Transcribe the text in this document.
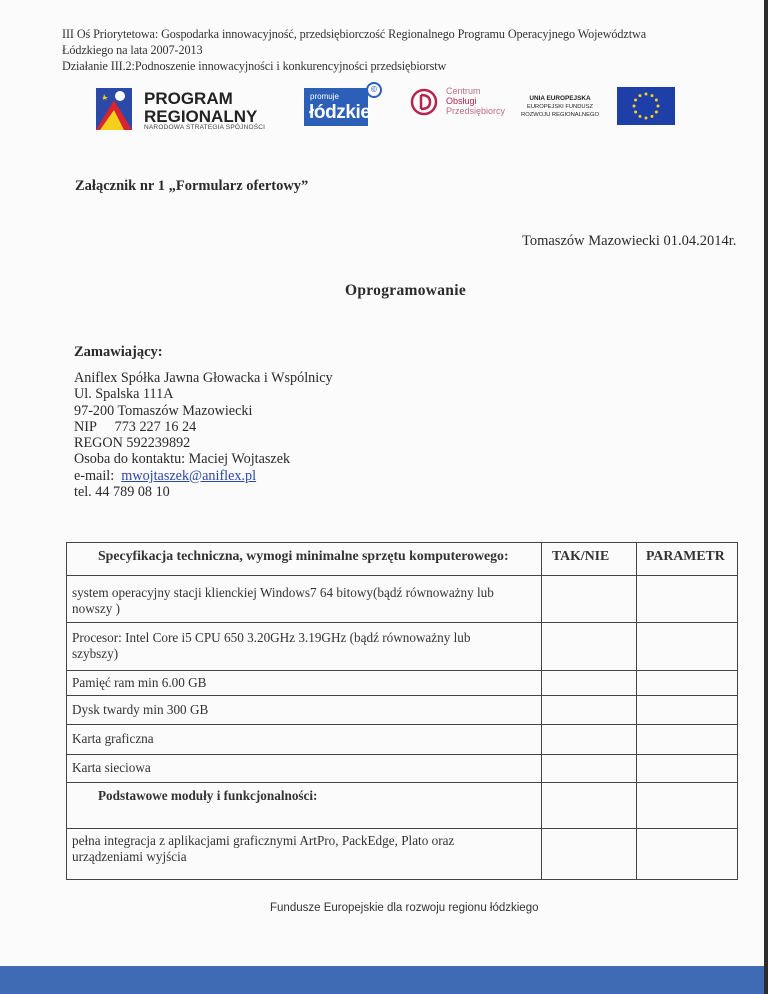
III Oś Priorytetowa: Gospodarka innowacyjność, przedsiębiorczość Regionalnego Programu Operacyjnego Województwa
Łódzkiego na lata 2007-2013
Działanie III.2:Podnoszenie innowacyjności i konkurencyjności przedsiębiorstw
PROGRAM
REGIONALNY
NARODOWA STRATEGIA SPÓJNOŚCI
promuje
łódzkie
©	Centrum
Obsługi
Przedsiębiorcy
UNIA EUROPEJSKA
EUROPEJSKI FUNDUSZ
ROZWOJU REGIONALNEGO
Załącznik nr 1 „Formularz ofertowy”
Tomaszów Mazowiecki 01.04.2014r.
Oprogramowanie
Zamawiający:
Aniflex Spółka Jawna Głowacka i Wspólnicy
Ul. Spalska 111A
97-200 Tomaszów Mazowiecki
NIP 773 227 16 24
REGON 592239892
Osoba do kontaktu: Maciej Wojtaszek
e-mail: mwojtaszek@aniflex.pl
tel. 44 789 08 10
Specyfikacja techniczna, wymogi minimalne sprzętu komputerowego:	TAK/NIE	PARAMETR
system operacyjny stacji klienckiej Windows7 64 bitowy(bądź równoważny lub nowszy )
Procesor: Intel Core i5 CPU 650 3.20GHz 3.19GHz (bądź równoważny lub szybszy)
Pamięć ram min 6.00 GB
Dysk twardy min 300 GB
Karta graficzna
Karta sieciowa
Podstawowe moduły i funkcjonalności:
pełna integracja z aplikacjami graficznymi ArtPro, PackEdge, Plato oraz urządzeniami wyjścia
Fundusze Europejskie dla rozwoju regionu łódzkiego
